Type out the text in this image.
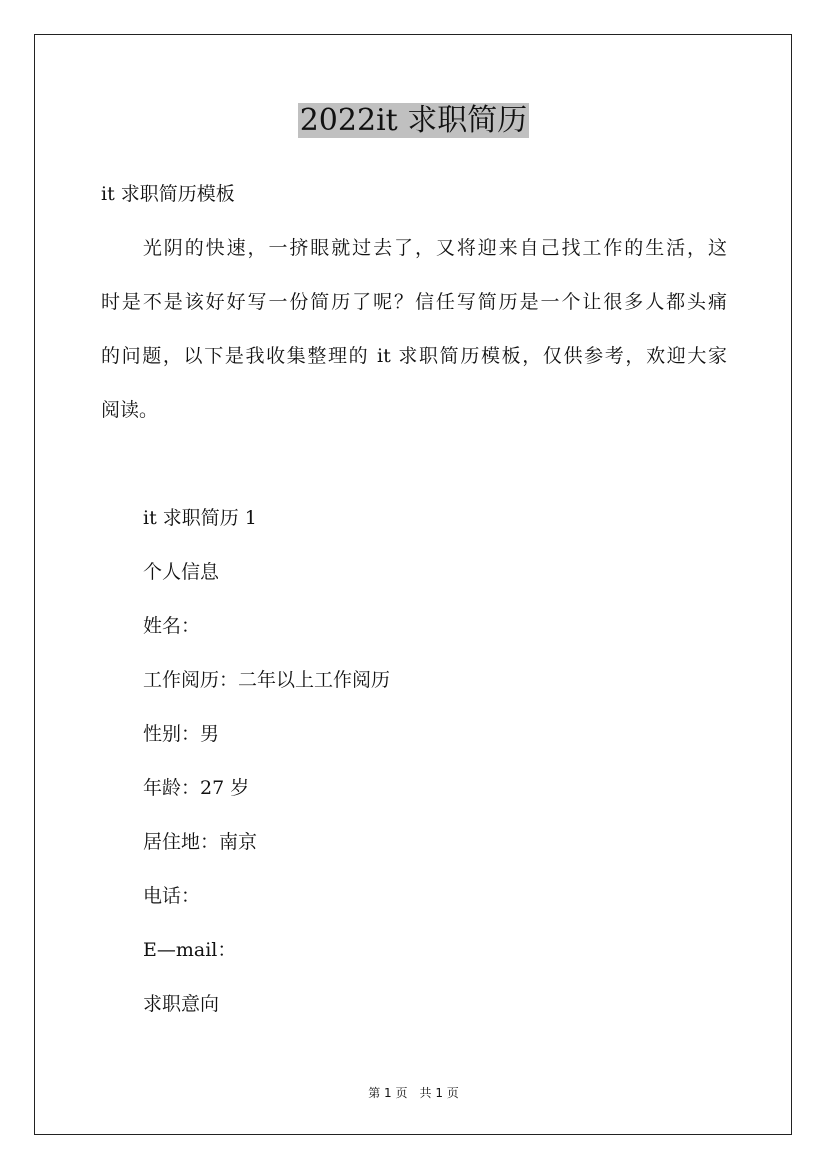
2022it 求职简历
it 求职简历模板
　　光阴的快速，一挤眼就过去了，又将迎来自己找工作的生活，这
时是不是该好好写一份简历了呢？信任写简历是一个让很多人都头痛
的问题，以下是我收集整理的 it 求职简历模板，仅供参考，欢迎大家
阅读。
it 求职简历 1
个人信息
姓名：
工作阅历：二年以上工作阅历
性别：男
年龄：27 岁
居住地：南京
电话：
E—mail：
求职意向
第 1 页　共 1 页
